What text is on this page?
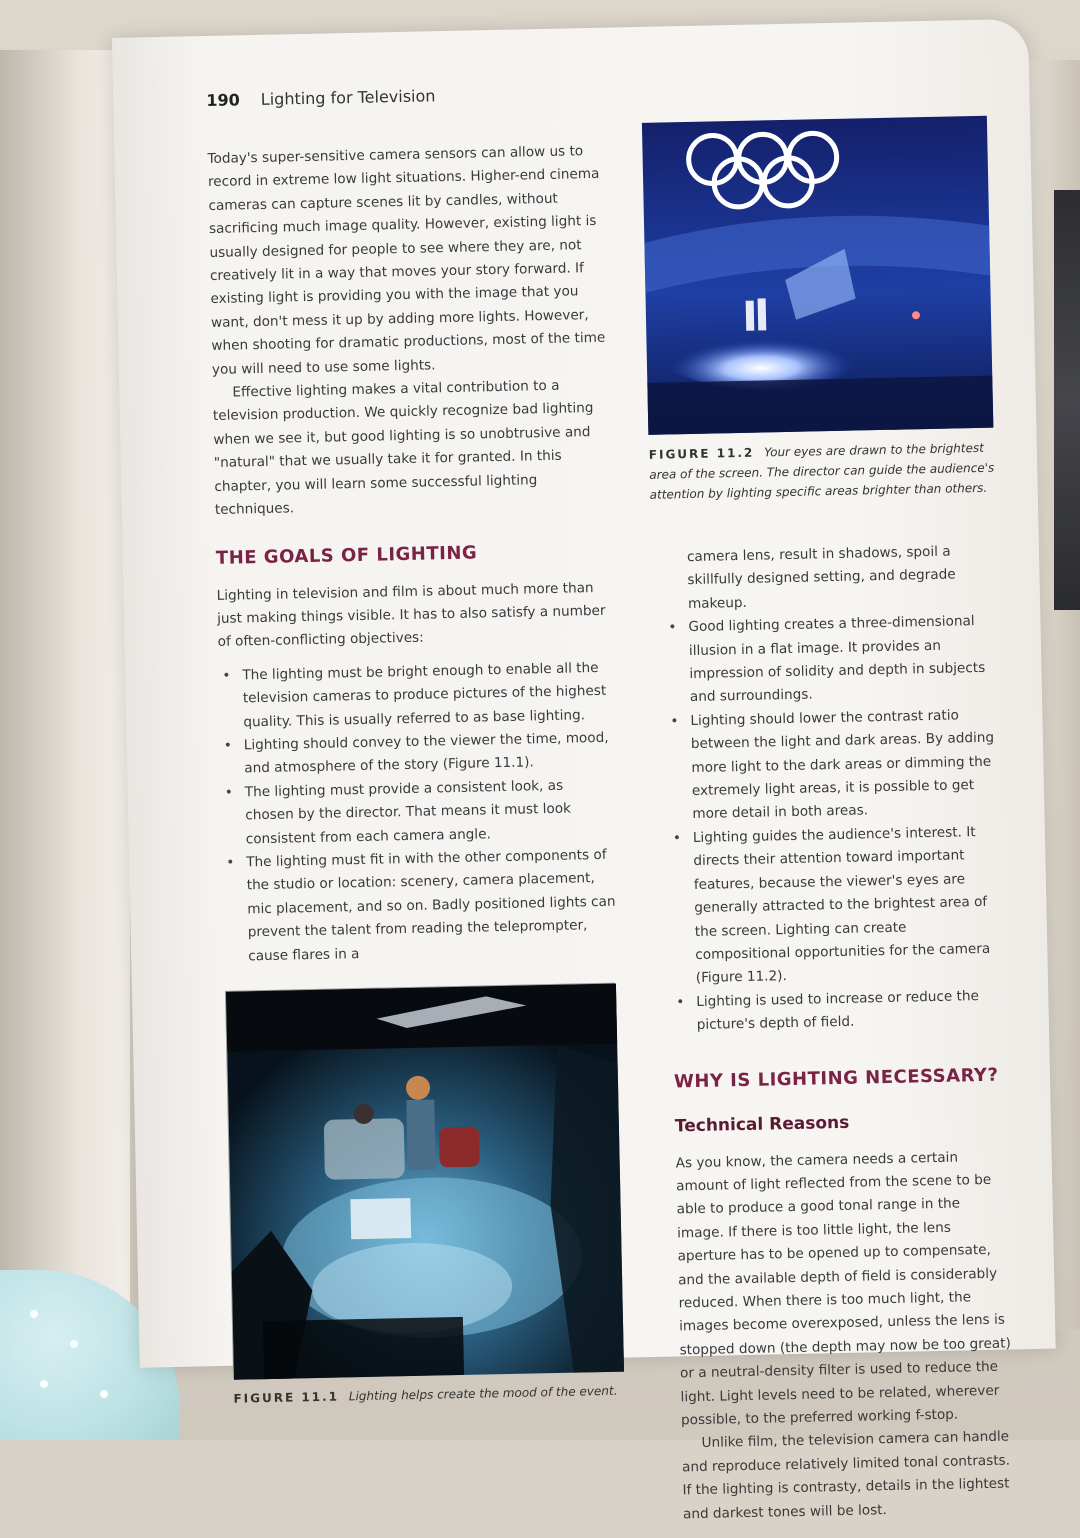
190 Lighting for Television

Today's super-sensitive camera sensors can allow us to record in extreme low light situations. Higher-end cinema cameras can capture scenes lit by candles, without sacrificing much image quality. However, existing light is usually designed for people to see where they are, not creatively lit in a way that moves your story forward. If existing light is providing you with the image that you want, don't mess it up by adding more lights. However, when shooting for dramatic productions, most of the time you will need to use some lights.

Effective lighting makes a vital contribution to a television production. We quickly recognize bad lighting when we see it, but good lighting is so unobtrusive and "natural" that we usually take it for granted. In this chapter, you will learn some successful lighting techniques.

THE GOALS OF LIGHTING

Lighting in television and film is about much more than just making things visible. It has to also satisfy a number of often-conflicting objectives:

• The lighting must be bright enough to enable all the television cameras to produce pictures of the highest quality. This is usually referred to as base lighting.
• Lighting should convey to the viewer the time, mood, and atmosphere of the story (Figure 11.1).
• The lighting must provide a consistent look, as chosen by the director. That means it must look consistent from each camera angle.
• The lighting must fit in with the other components of the studio or location: scenery, camera placement, mic placement, and so on. Badly positioned lights can prevent the talent from reading the teleprompter, cause flares in a

FIGURE 11.1 Lighting helps create the mood of the event.

FIGURE 11.2 Your eyes are drawn to the brightest area of the screen. The director can guide the audience's attention by lighting specific areas brighter than others.

camera lens, result in shadows, spoil a skillfully designed setting, and degrade makeup.

• Good lighting creates a three-dimensional illusion in a flat image. It provides an impression of solidity and depth in subjects and surroundings.
• Lighting should lower the contrast ratio between the light and dark areas. By adding more light to the dark areas or dimming the extremely light areas, it is possible to get more detail in both areas.
• Lighting guides the audience's interest. It directs their attention toward important features, because the viewer's eyes are generally attracted to the brightest area of the screen. Lighting can create compositional opportunities for the camera (Figure 11.2).
• Lighting is used to increase or reduce the picture's depth of field.
WHY IS LIGHTING NECESSARY?
Technical Reasons

As you know, the camera needs a certain amount of light reflected from the scene to be able to produce a good tonal range in the image. If there is too little light, the lens aperture has to be opened up to compensate, and the available depth of field is considerably reduced. When there is too much light, the images become overexposed, unless the lens is stopped down (the depth may now be too great) or a neutral-density filter is used to reduce the light. Light levels need to be related, wherever possible, to the preferred working f-stop.

Unlike film, the television camera can handle and reproduce relatively limited tonal contrasts. If the lighting is contrasty, details in the lightest and darkest tones will be lost.
